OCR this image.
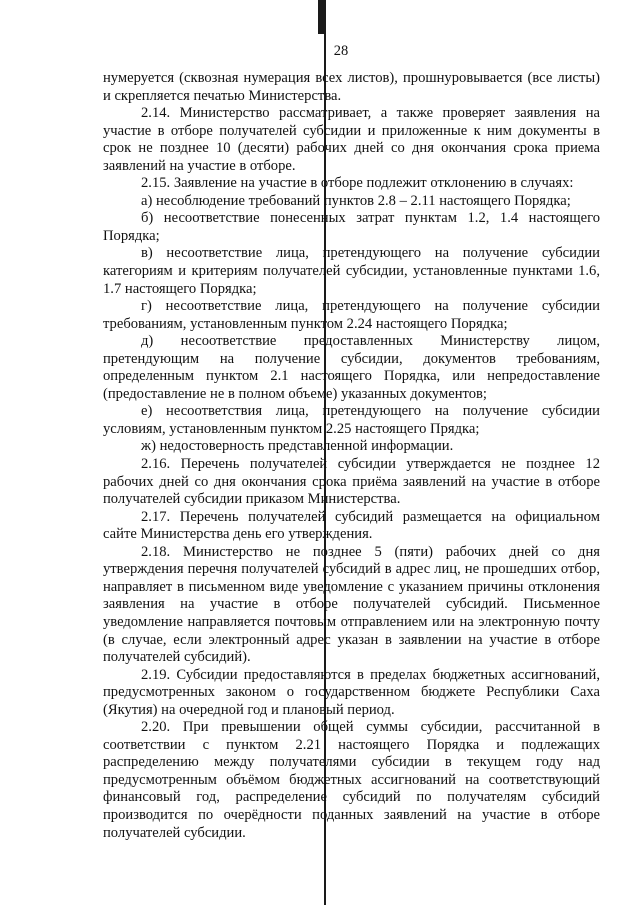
28

нумеруется (сквозная нумерация всех листов), прошнуровывается (все листы) и скрепляется печатью Министерства.

2.14. Министерство рассматривает, а также проверяет заявления на участие в отборе получателей субсидии и приложенные к ним документы в срок не позднее 10 (десяти) рабочих дней со дня окончания срока приема заявлений на участие в отборе.

2.15. Заявление на участие в отборе подлежит отклонению в случаях:

а) несоблюдение требований пунктов 2.8 – 2.11 настоящего Порядка;

б) несоответствие понесенных затрат пунктам 1.2, 1.4 настоящего Порядка;

в) несоответствие лица, претендующего на получение субсидии категориям и критериям получателей субсидии, установленные пунктами 1.6, 1.7 настоящего Порядка;

г) несоответствие лица, претендующего на получение субсидии требованиям, установленным пунктом 2.24 настоящего Порядка;

д) несоответствие предоставленных Министерству лицом, претендующим на получение субсидии, документов требованиям, определенным пунктом 2.1 настоящего Порядка, или непредоставление (предоставление не в полном объеме) указанных документов;

е) несоответствия лица, претендующего на получение субсидии условиям, установленным пунктом 2.25 настоящего Прядка;

ж) недостоверность представленной информации.

2.16. Перечень получателей субсидии утверждается не позднее 12 рабочих дней со дня окончания срока приёма заявлений на участие в отборе получателей субсидии приказом Министерства.

2.17. Перечень получателей субсидий размещается на официальном сайте Министерства день его утверждения.

2.18. Министерство не позднее 5 (пяти) рабочих дней со дня утверждения перечня получателей субсидий в адрес лиц, не прошедших отбор, направляет в письменном виде уведомление с указанием причины отклонения заявления на участие в отборе получателей субсидий. Письменное уведомление направляется почтовым отправлением или на электронную почту (в случае, если электронный адрес указан в заявлении на участие в отборе получателей субсидий).

2.19. Субсидии предоставляются в пределах бюджетных ассигнований, предусмотренных законом о государственном бюджете Республики Саха (Якутия) на очередной год и плановый период.

2.20. При превышении общей суммы субсидии, рассчитанной в соответствии с пунктом 2.21 настоящего Порядка и подлежащих распределению между получателями субсидии в текущем году над предусмотренным объёмом бюджетных ассигнований на соответствующий финансовый год, распределение субсидий по получателям субсидий производится по очерёдности поданных заявлений на участие в отборе получателей субсидии.
